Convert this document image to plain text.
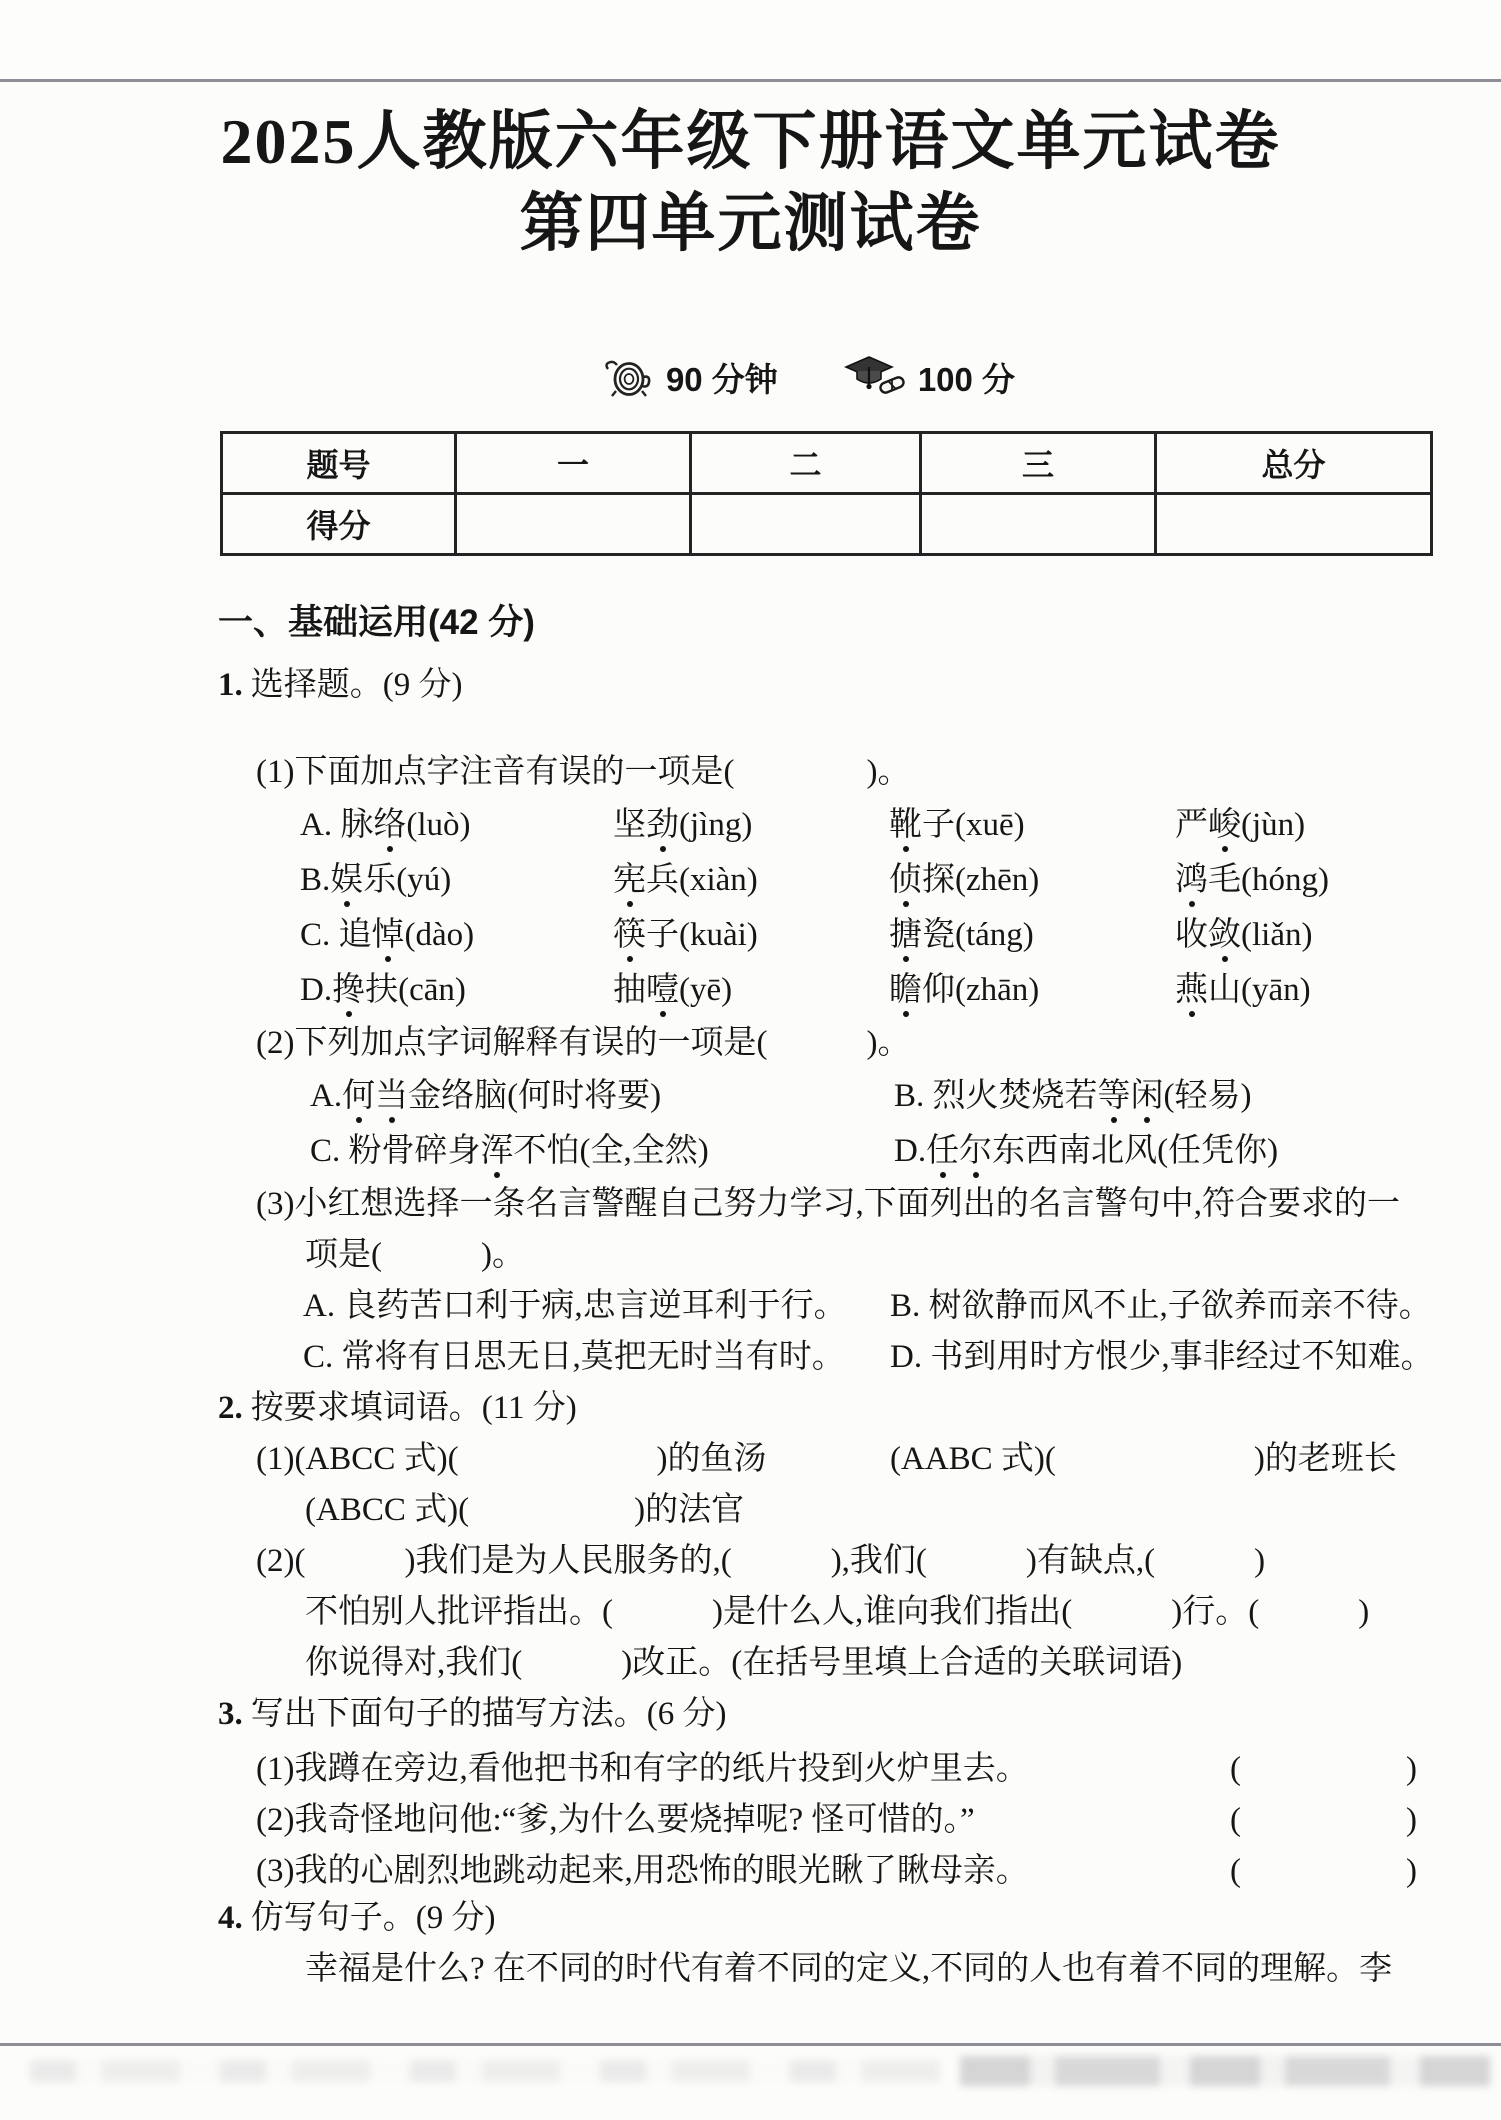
2025人教版六年级下册语文单元试卷
第四单元测试卷
90 分钟	100 分
题号	一	二	三	总分
得分				
一、基础运用(42 分)
1. 选择题。(9 分)
(1)下面加点字注音有误的一项是(　　　　)。
A. 脉 络 (luò)	坚 劲 (jìng)	靴 子(xuē)	严 峻 (jùn)
B. 娱 乐(yú)	宪 兵(xiàn)	侦 探(zhēn)	鸿 毛(hóng)
C. 追 悼 (dào)	筷 子(kuài)	搪 瓷(táng)	收 敛 (liǎn)
D. 搀 扶(cān)	抽 噎 (yē)	瞻 仰(zhān)	燕 山(yān)
(2)下列加点字词解释有误的一项是(　　　)。
A. 何 当 金络脑(何时将要)	B. 烈火焚烧若 等 闲 (轻易)
C. 粉骨碎身 浑 不怕(全,全然)	D. 任 尔 东西南北风(任凭你)
(3)小红想选择一条名言警醒自己努力学习,下面列出的名言警句中,符合要求的一
项是(　　　)。
A. 良药苦口利于病,忠言逆耳利于行。	B. 树欲静而风不止,子欲养而亲不待。
C. 常将有日思无日,莫把无时当有时。	D. 书到用时方恨少,事非经过不知难。
2. 按要求填词语。(11 分)
(1)(ABCC 式)(　　　　　　)的鱼汤	(AABC 式)(　　　　　　)的老班长
(ABCC 式)(　　　　　)的法官
(2)(　　　)我们是为人民服务的,(　　　),我们(　　　)有缺点,(　　　)
不怕别人批评指出。(　　　)是什么人,谁向我们指出(　　　)行。(　　　)
你说得对,我们(　　　)改正。(在括号里填上合适的关联词语)
3. 写出下面句子的描写方法。(6 分)
(1)我蹲在旁边,看他把书和有字的纸片投到火炉里去。	(　　　　　)
(2)我奇怪地问他:“爹,为什么要烧掉呢? 怪可惜的。”	(　　　　　)
(3)我的心剧烈地跳动起来,用恐怖的眼光瞅了瞅母亲。	(　　　　　)
4. 仿写句子。(9 分)
幸福是什么? 在不同的时代有着不同的定义,不同的人也有着不同的理解。李
